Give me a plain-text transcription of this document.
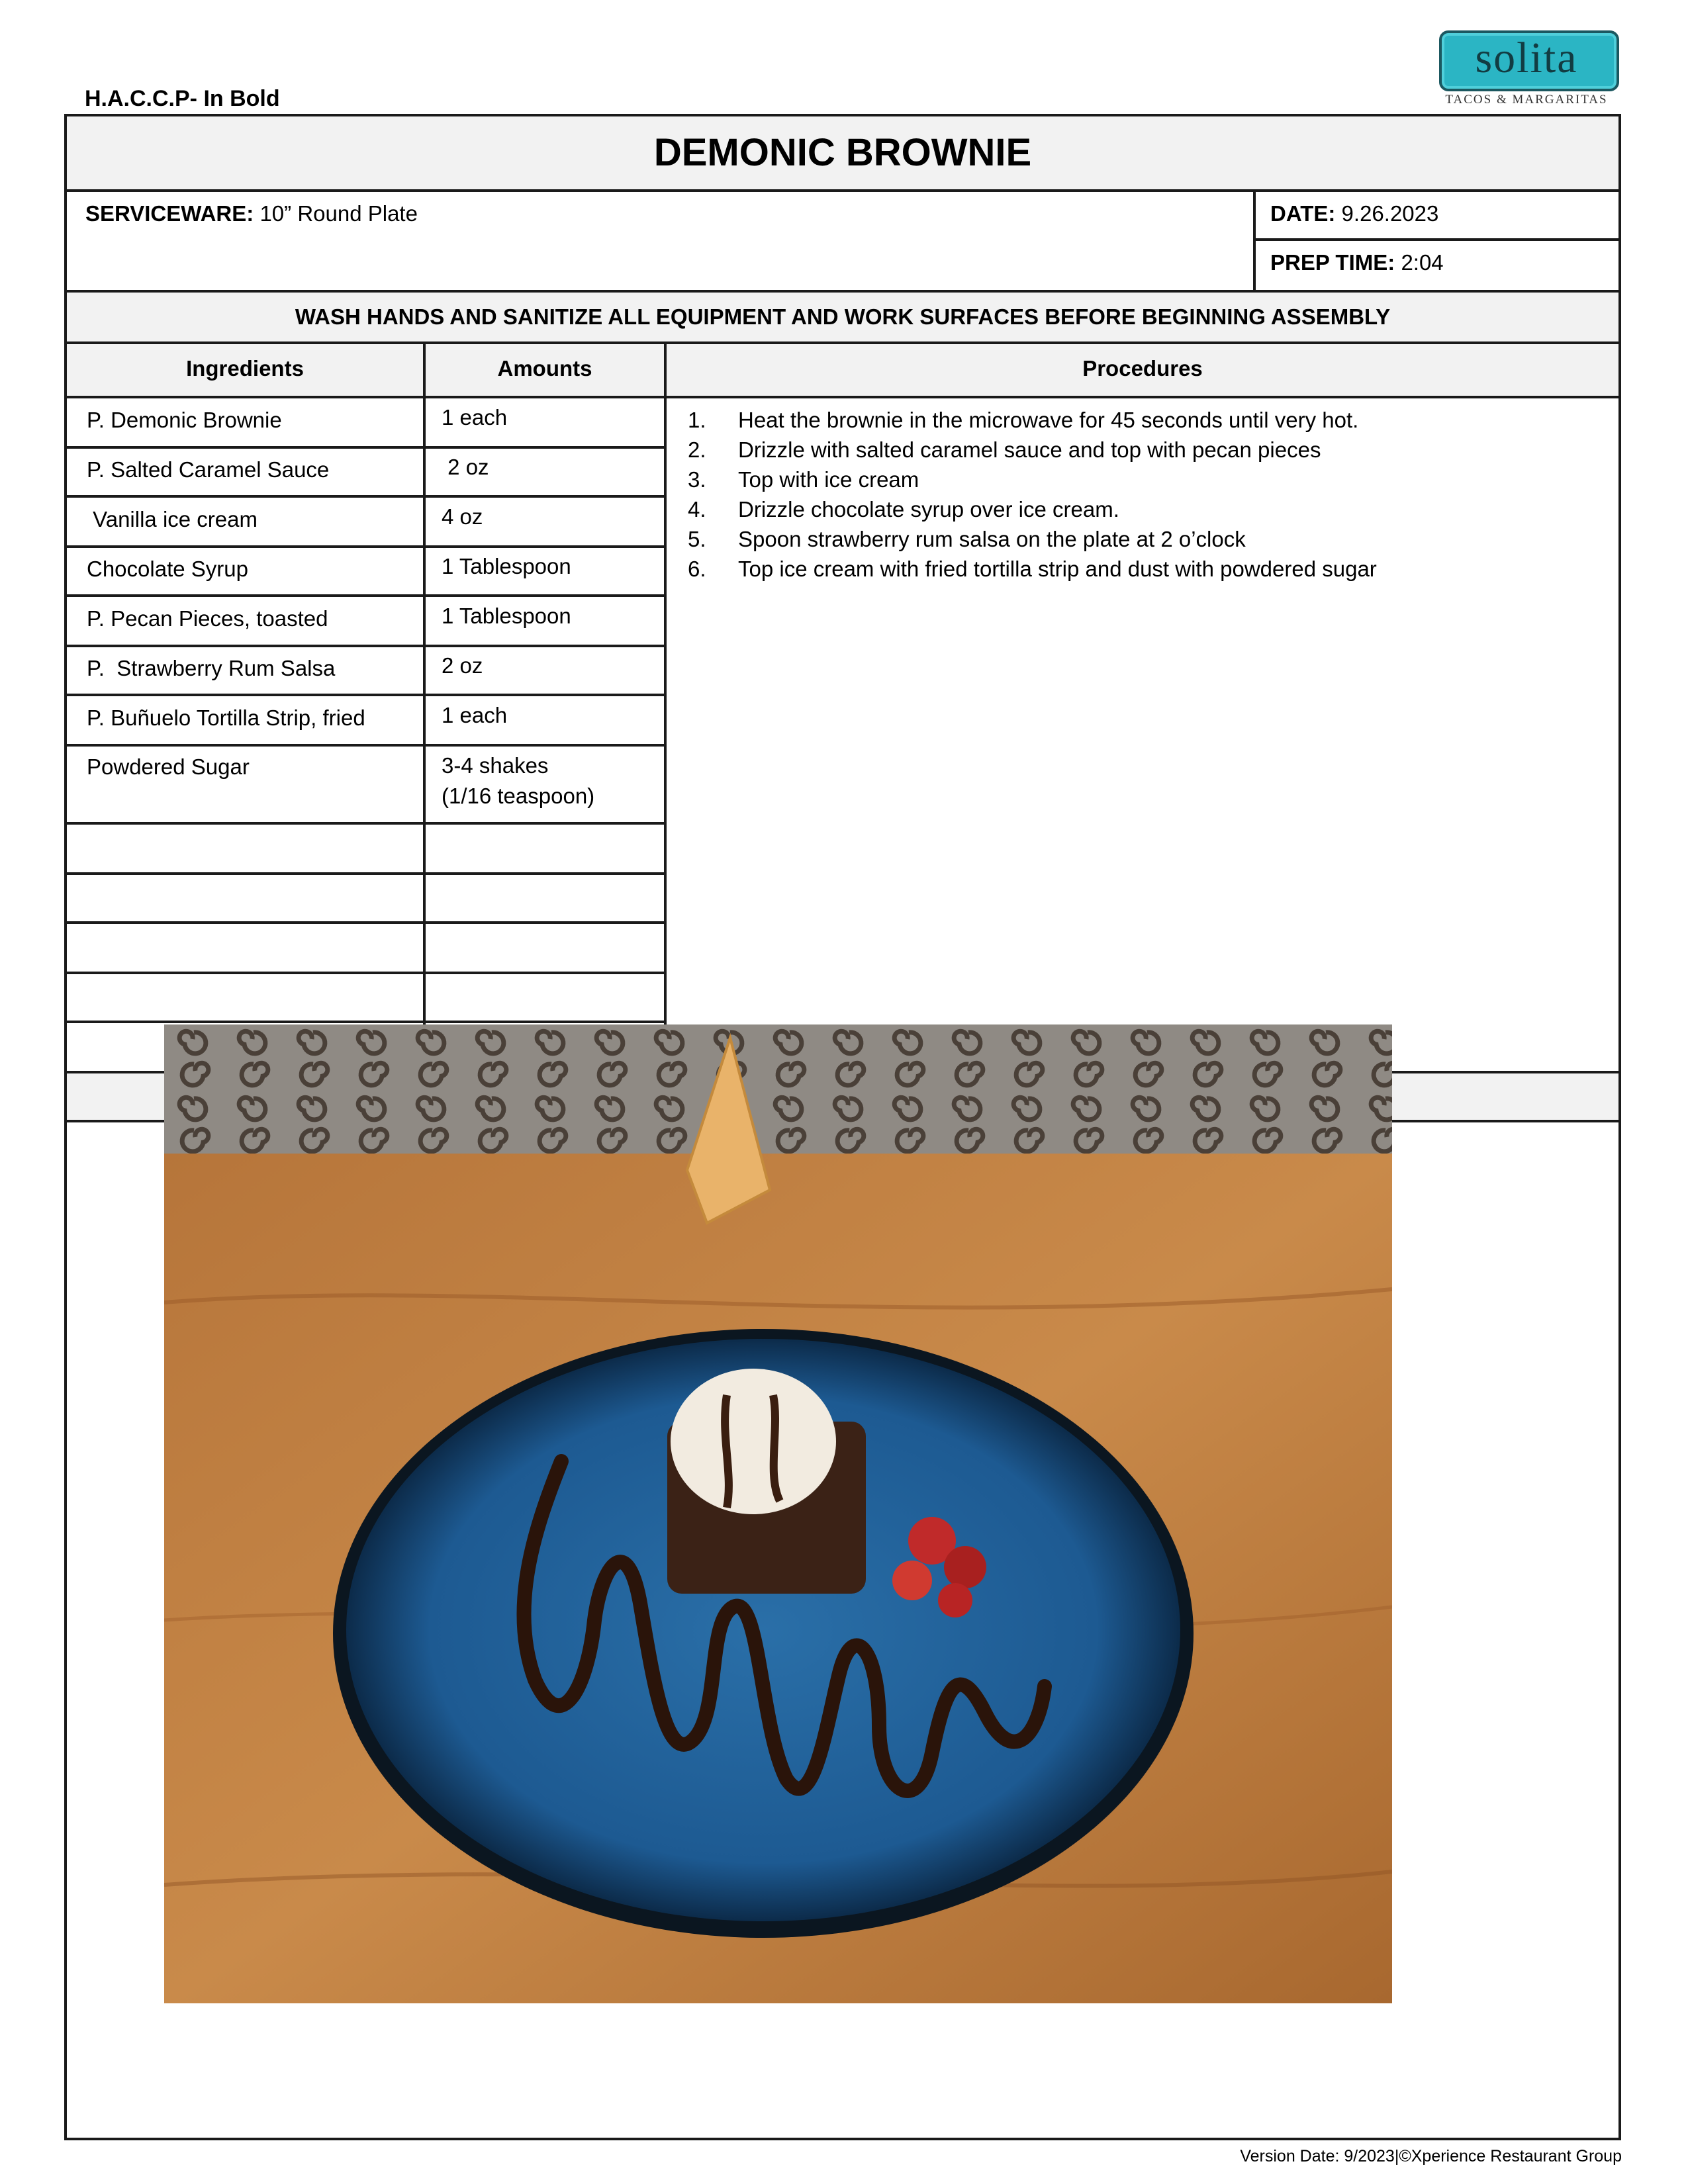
H.A.C.C.P- In Bold
solita
TACOS & MARGARITAS
DEMONIC BROWNIE
SERVICEWARE: 10” Round Plate	DATE: 9.26.2023
PREP TIME: 2:04
WASH HANDS AND SANITIZE ALL EQUIPMENT AND WORK SURFACES BEFORE BEGINNING ASSEMBLY
Ingredients	Amounts	Procedures
P. Demonic Brownie	1 each
P. Salted Caramel Sauce	2 oz
Vanilla ice cream	4 oz
Chocolate Syrup	1 Tablespoon
P. Pecan Pieces, toasted	1 Tablespoon
P.  Strawberry Rum Salsa	2 oz
P. Buñuelo Tortilla Strip, fried	1 each
Powdered Sugar	3-4 shakes
(1/16 teaspoon)
1.	Heat the brownie in the microwave for 45 seconds until very hot.
2.	Drizzle with salted caramel sauce and top with pecan pieces
3.	Top with ice cream
4.	Drizzle chocolate syrup over ice cream.
5.	Spoon strawberry rum salsa on the plate at 2 o’clock
6.	Top ice cream with fried tortilla strip and dust with powdered sugar
Version Date: 9/2023|©Xperience Restaurant Group
